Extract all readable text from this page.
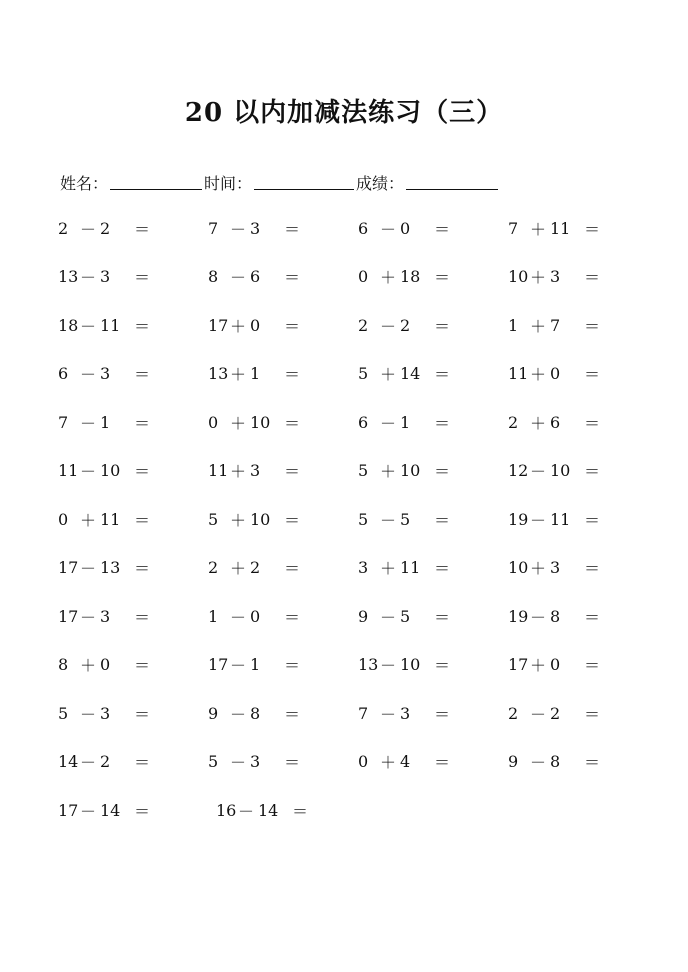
20 以内加减法练习（三）
姓名：	时间：	成绩：
2 － 2	＝	7 － 3	＝	6 － 0	＝	7 ＋ 11 ＝
13 － 3	＝	8 － 6	＝	0 ＋ 18 ＝	10 ＋ 3	＝
18 － 11 ＝	17 ＋ 0	＝	2 － 2	＝	1 ＋ 7	＝
6 － 3	＝	13 ＋ 1	＝	5 ＋ 14 ＝	11 ＋ 0	＝
7 － 1	＝	0 ＋ 10 ＝	6 － 1	＝	2 ＋ 6	＝
11 － 10 ＝	11 ＋ 3	＝	5 ＋ 10 ＝	12 － 10 ＝
0 ＋ 11 ＝	5 ＋ 10 ＝	5 － 5	＝	19 － 11 ＝
17 － 13 ＝	2 ＋ 2	＝	3 ＋ 11 ＝	10 ＋ 3	＝
17 － 3	＝	1 － 0	＝	9 － 5	＝	19 － 8	＝
8 ＋ 0	＝	17 － 1	＝	13 － 10 ＝	17 ＋ 0	＝
5 － 3	＝	9 － 8	＝	7 － 3	＝	2 － 2	＝
14 － 2	＝	5 － 3	＝	0 ＋ 4	＝	9 － 8	＝
17 － 14 ＝	16 － 14 ＝
